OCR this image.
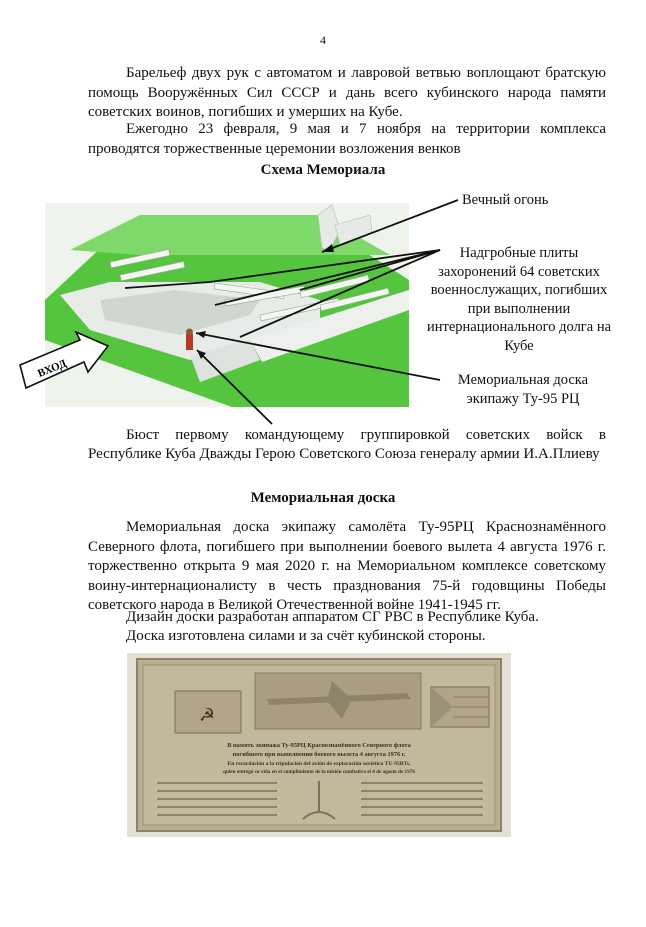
4

Барельеф двух рук с автоматом и лавровой ветвью воплощают братскую помощь Вооружённых Сил СССР и дань всего кубинского народа памяти советских воинов, погибших и умерших на Кубе.

Ежегодно 23 февраля, 9 мая и 7 ноября на территории комплекса проводятся торжественные церемонии возложения венков

Схема Мемориала
ВХОД
Вечный огонь
Надгробные плиты захоронений 64 советских военнослужащих, погибших при выполнении интернационального долга на Кубе
Мемориальная доска экипажу Ту-95 РЦ

Бюст первому командующему группировкой советских войск в Республике Куба Дважды Герою Советского Союза генералу армии И.А.Плиеву

Мемориальная доска

Мемориальная доска экипажу самолёта Ту-95РЦ Краснознамённого Северного флота, погибшего при выполнении боевого вылета 4 августа 1976 г. торжественно открыта 9 мая 2020 г. на Мемориальном комплексе советскому воину-интернационалисту в честь празднования 75-й годовщины Победы советского народа в Великой Отечественной войне 1941-1945 гг.

Дизайн доски разработан аппаратом СГ РВС в Республике Куба.

Доска изготовлена силами и за счёт кубинской стороны.

☭
В память экипажа Ту-95РЦ Краснознамённого Северного флота
погибшего при выполнении боевого вылета 4 августа 1976 г.
En recordación a la tripulación del avión de exploración soviético TU-95RTs,
quien entregó su vida en el cumplimiento de la misión combativa el 4 de agosto de 1976
